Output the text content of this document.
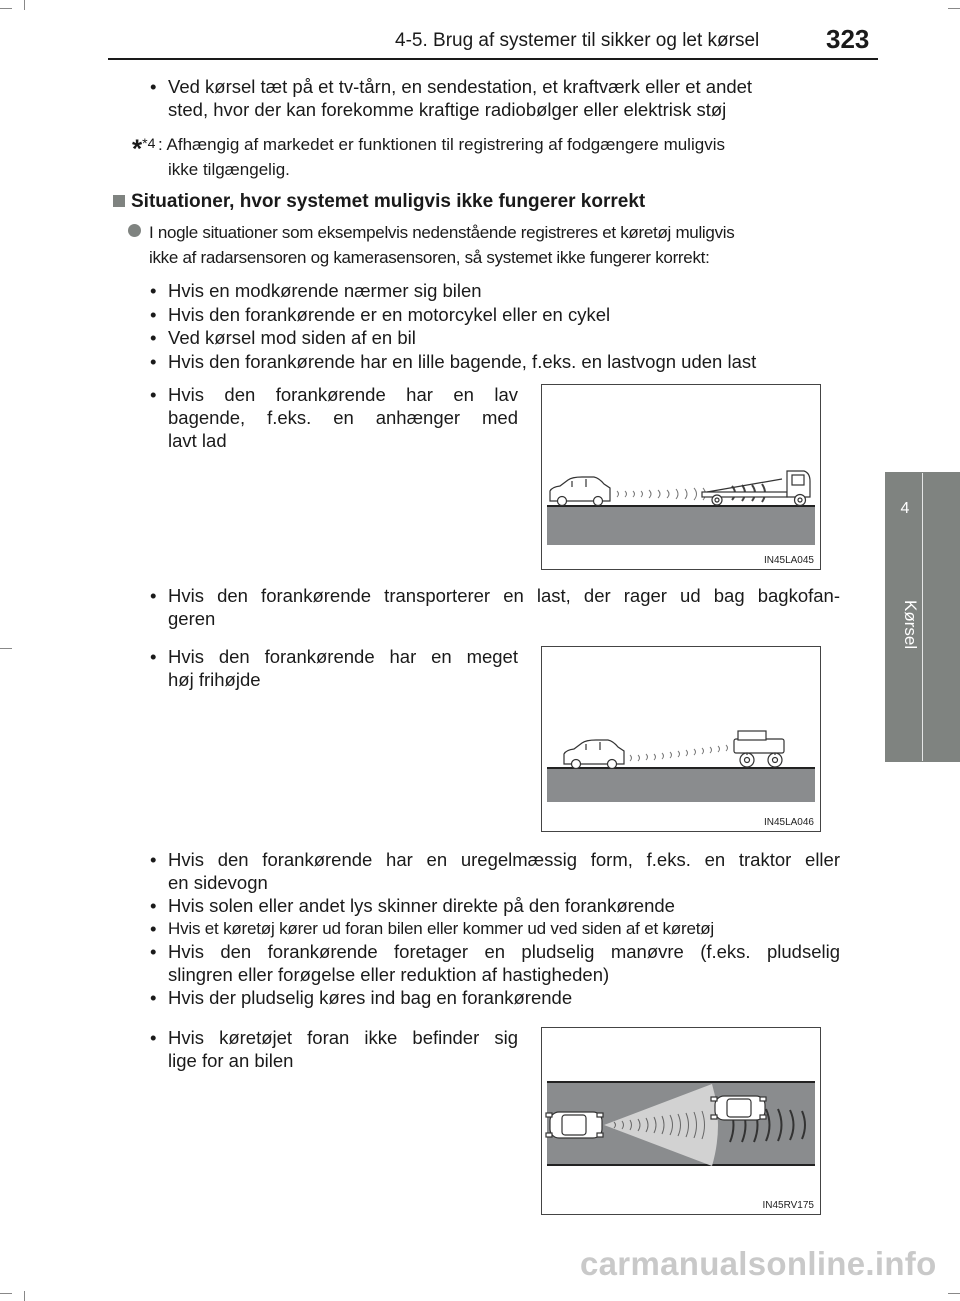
4-5. Brug af systemer til sikker og let kørsel	323
4
Kørsel
• Ved kørsel tæt på et tv-tårn, en sendestation, et kraftværk eller et andet
sted, hvor der kan forekomme kraftige radiobølger eller elektrisk støj
*$^{*4}$ : Afhængig af markedet er funktionen til registrering af fodgængere muligvis
ikke tilgængelig.
Situationer, hvor systemet muligvis ikke fungerer korrekt
I nogle situationer som eksempelvis nedenstående registreres et køretøj muligvis
ikke af radarsensoren og kamerasensoren, så systemet ikke fungerer korrekt:
• Hvis en modkørende nærmer sig bilen
• Hvis den forankørende er en motorcykel eller en cykel
• Ved kørsel mod siden af en bil
• Hvis den forankørende har en lille bagende, f.eks. en lastvogn uden last
• Hvis den forankørende har en lav
bagende, f.eks. en anhænger med
lavt lad
IN45LA045
• Hvis den forankørende transporterer en last, der rager ud bag bagkofan-
geren
• Hvis den forankørende har en meget
høj frihøjde
IN45LA046
• Hvis den forankørende har en uregelmæssig form, f.eks. en traktor eller
en sidevogn
• Hvis solen eller andet lys skinner direkte på den forankørende
• Hvis et køretøj kører ud foran bilen eller kommer ud ved siden af et køretøj
• Hvis den forankørende foretager en pludselig manøvre (f.eks. pludselig
slingren eller forøgelse eller reduktion af hastigheden)
• Hvis der pludselig køres ind bag en forankørende
• Hvis køretøjet foran ikke befinder sig
lige for an bilen
IN45RV175
carmanualsonline.info
